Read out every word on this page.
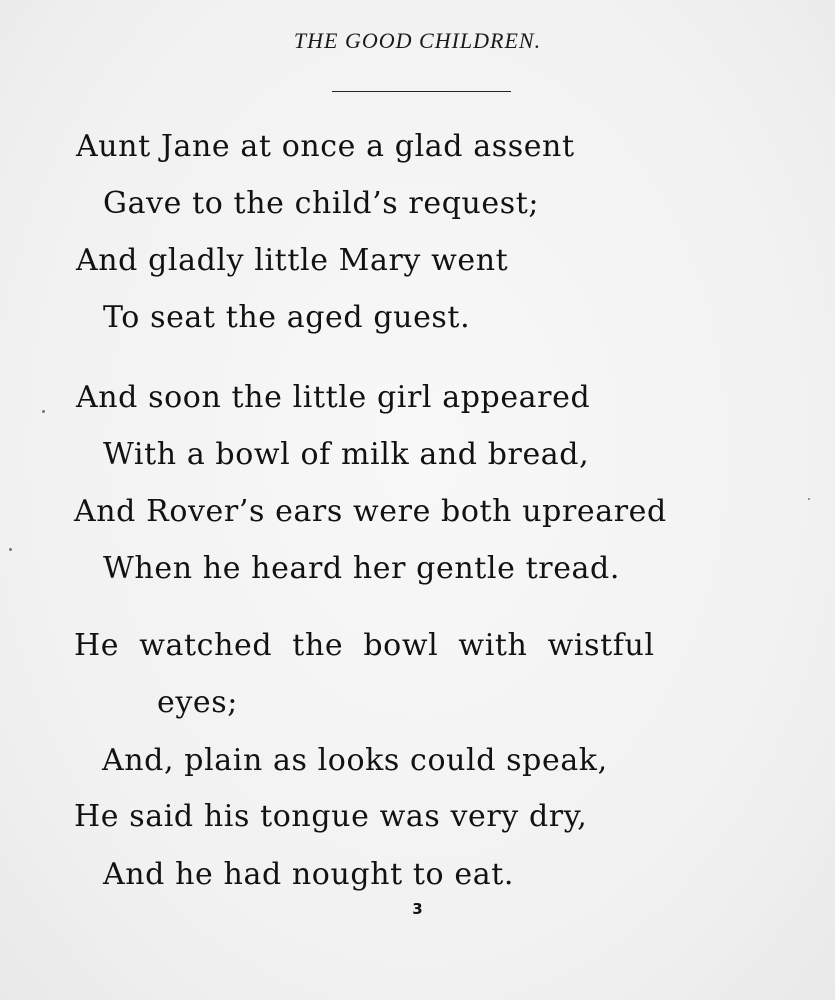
THE GOOD CHILDREN.
Aunt Jane at once a glad assent
Gave to the child’s request;
And gladly little Mary went
To seat the aged guest.
And soon the little girl appeared
With a bowl of milk and bread,
And Rover’s ears were both upreared
When he heard her gentle tread.
He watched the bowl with wistful
eyes;
And, plain as looks could speak,
He said his tongue was very dry,
And he had nought to eat.
3
